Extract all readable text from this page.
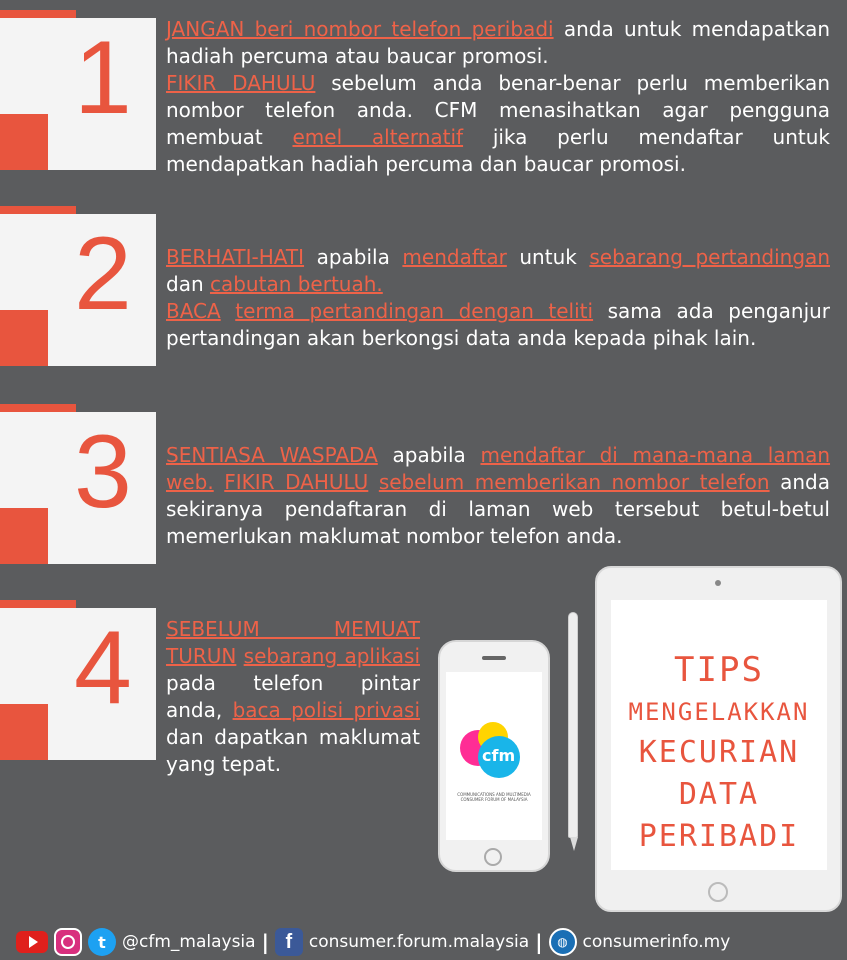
1 JANGAN beri nombor telefon peribadi anda untuk mendapatkan hadiah percuma atau baucar promosi.
FIKIR DAHULU sebelum anda benar-benar perlu memberikan nombor telefon anda. CFM menasihatkan agar pengguna membuat emel alternatif jika perlu mendaftar untuk mendapatkan hadiah percuma dan baucar promosi.
2 BERHATI-HATI apabila mendaftar untuk sebarang pertandingan dan cabutan bertuah.
BACA terma pertandingan dengan teliti sama ada penganjur pertandingan akan berkongsi data anda kepada pihak lain.
3 SENTIASA WASPADA apabila mendaftar di mana-mana laman web. FIKIR DAHULU sebelum memberikan nombor telefon anda sekiranya pendaftaran di laman web tersebut betul-betul memerlukan maklumat nombor telefon anda.
4 SEBELUM MEMUAT TURUN sebarang aplikasi pada telefon pintar anda, baca polisi privasi dan dapatkan maklumat yang tepat.	cfm
COMMUNICATIONS AND MULTIMEDIA CONSUMER FORUM OF MALAYSIA
TIPS
MENGELAKKAN
KECURIAN
DATA
PERIBADI
t @cfm_malaysia | f consumer.forum.malaysia |	◍ consumerinfo.my
